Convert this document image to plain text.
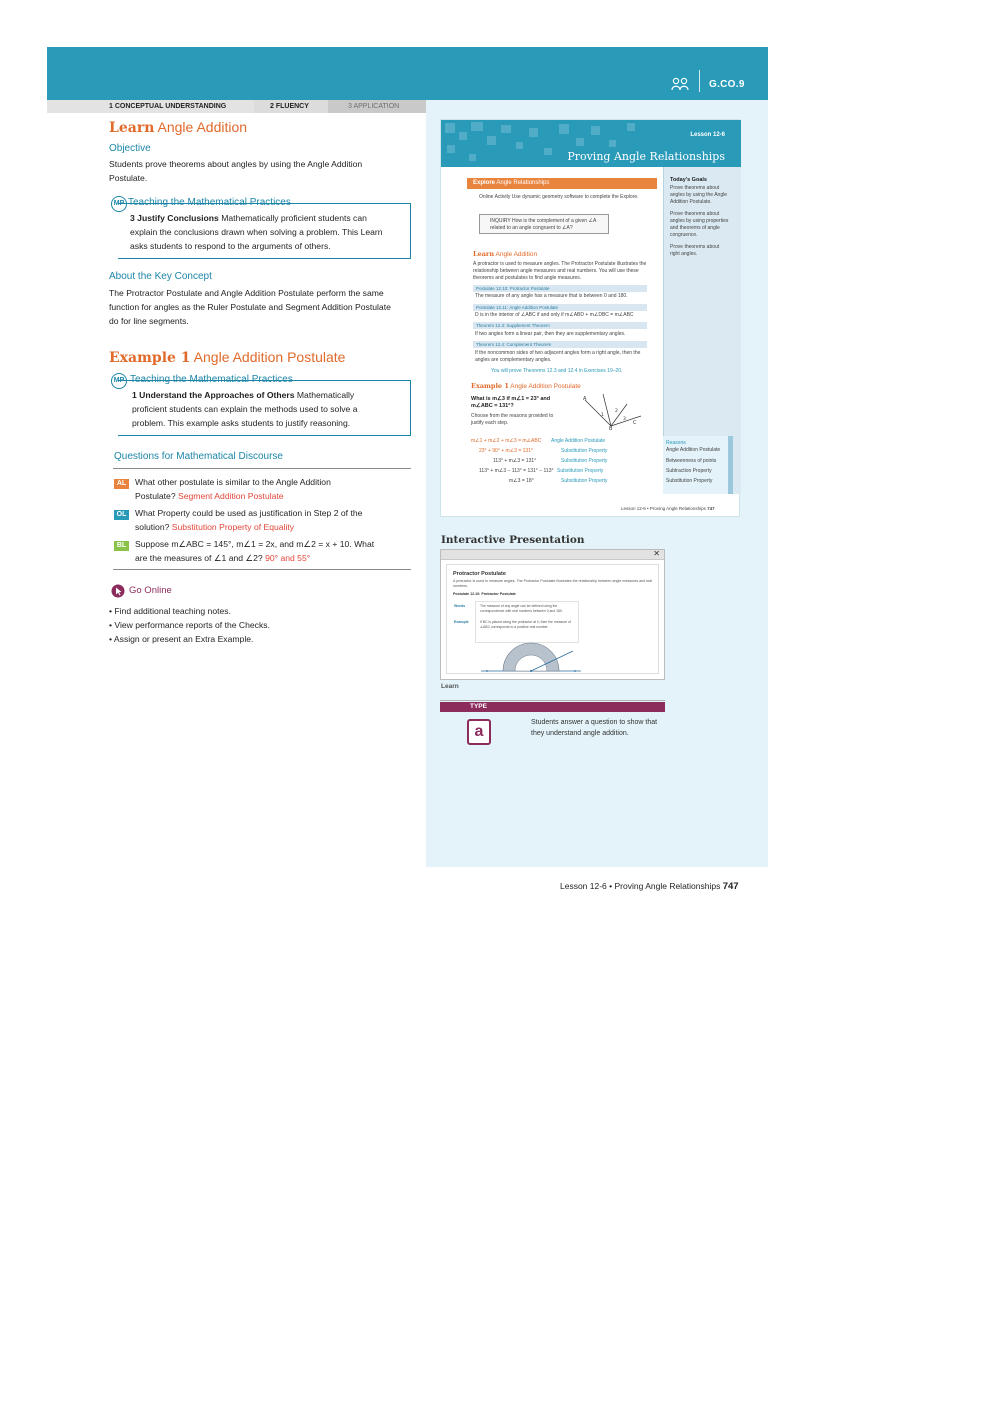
G.CO.9
1 CONCEPTUAL UNDERSTANDING	2 FLUENCY	3 APPLICATION
Learn Angle Addition
Objective
Students prove theorems about angles by using the Angle Addition
Postulate.
MP Teaching the Mathematical Practices
3 Justify Conclusions Mathematically proficient students can
explain the conclusions drawn when solving a problem. This Learn
asks students to respond to the arguments of others.
About the Key Concept
The Protractor Postulate and Angle Addition Postulate perform the same
function for angles as the Ruler Postulate and Segment Addition Postulate
do for line segments.
Example 1 Angle Addition Postulate
MP Teaching the Mathematical Practices
1 Understand the Approaches of Others Mathematically
proficient students can explain the methods used to solve a
problem. This example asks students to justify reasoning.
Questions for Mathematical Discourse
AL What other postulate is similar to the Angle Addition
Postulate? Segment Addition Postulate
OL What Property could be used as justification in Step 2 of the
solution? Substitution Property of Equality
BL Suppose m∠ABC = 145°, m∠1 = 2x, and m∠2 = x + 10. What
are the measures of ∠1 and ∠2? 90° and 55°
Go Online
• Find additional teaching notes.
• View performance reports of the Checks.
• Assign or present an Extra Example.
Lesson 12-6
Proving Angle Relationships
Today's Goals
Prove theorems about angles by using the Angle Addition Postulate.
Prove theorems about angles by using properties and theorems of angle congruence.
Prove theorems about right angles.
Explore Angle Relationships
Online Activity Use dynamic geometry software to complete the Explore.
INQUIRY How is the complement of a given ∠A related to an angle congruent to ∠A?
Learn Angle Addition
A protractor is used to measure angles. The Protractor Postulate illustrates the relationship between angle measures and real numbers. You will use these theorems and postulates to find angle measures.
Postulate 12.10: Protractor Postulate
The measure of any angle has a measure that is between 0 and 180.
Postulate 12.11: Angle Addition Postulate
D is in the interior of ∠ABC if and only if m∠ABD + m∠DBC = m∠ABC
Theorem 12.3: Supplement Theorem
If two angles form a linear pair, then they are supplementary angles.
Theorem 12.4: Complement Theorem
If the noncommon sides of two adjacent angles form a right angle, then the angles are complementary angles.
You will prove Theorems 12.3 and 12.4 in Exercises 19–20.
Example 1 Angle Addition Postulate
What is m∠3 if m∠1 = 23° and m∠ABC = 131°?
Choose from the reasons provided to justify each step.
A
B
C
1
2
3
m∠1 + m∠2 + m∠3 = m∠ABC Angle Addition Postulate
23° + 90° + m∠3 = 131°	Substitution Property
113° + m∠3 = 131°	Substitution Property
113° + m∠3 − 113° = 131° − 113° Substitution Property
m∠3 = 18°	Substitution Property
Reasons
Angle Addition Postulate
Betweenness of points
Subtraction Property
Substitution Property
Lesson 12-6 • Proving Angle Relationships 747
Interactive Presentation
✕
Protractor Postulate
A protractor is used to measure angles. The Protractor Postulate illustrates the relationship between angle measures and real numbers.
Postulate 12.10: Protractor Postulate
Words	The measure of any angle can be defined using the correspondence with real numbers between 0 and 180.
Example	If BC is placed along the protractor at 0, then the measure of ∠ABC corresponds to a positive real number.
Learn
TYPE
a
Students answer a question to show that
they understand angle addition.
Lesson 12-6 • Proving Angle Relationships 747
